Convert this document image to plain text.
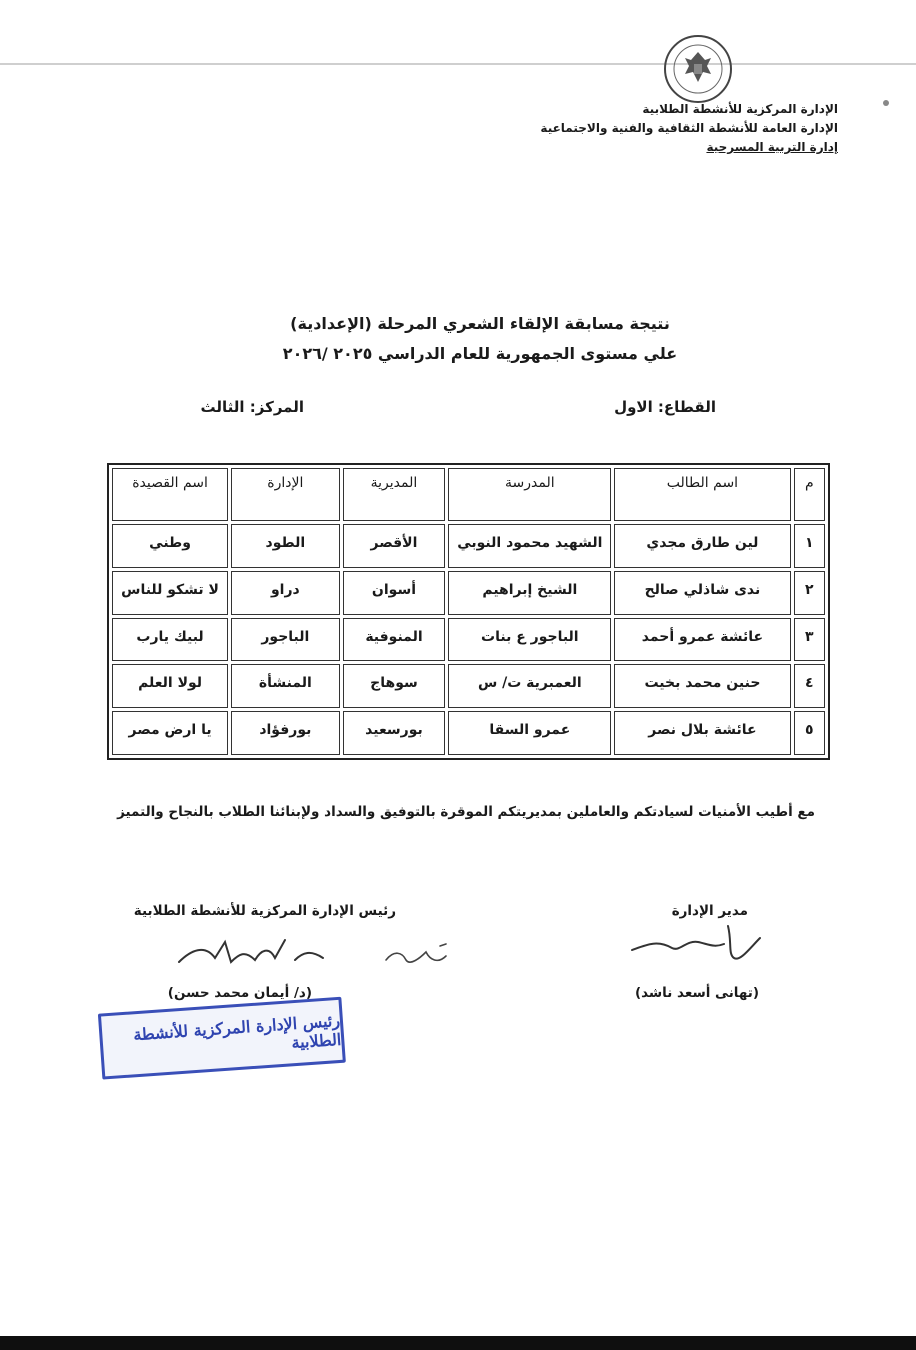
الإدارة المركزية للأنشطة الطلابية
الإدارة العامة للأنشطة الثقافية والفنية والاجتماعية
إدارة التربية المسرحية
نتيجة مسابقة الإلقاء الشعري المرحلة (الإعدادية)
علي مستوى الجمهورية للعام الدراسي ٢٠٢٥ /٢٠٢٦
القطاع: الاول
المركز: الثالث
م	اسم الطالب	المدرسة	المديرية	الإدارة	اسم القصيدة
١	لين طارق مجدي	الشهيد محمود النوبي	الأقصر	الطود	وطني
٢	ندى شاذلي صالح	الشيخ إبراهيم	أسوان	دراو	لا تشكو للناس
٣	عائشة عمرو أحمد	الباجور ع بنات	المنوفية	الباجور	لبيك يارب
٤	حنين محمد بخيت	العمبرية ت/ س	سوهاج	المنشأة	لولا العلم
٥	عائشة بلال نصر	عمرو السقا	بورسعيد	بورفؤاد	يا ارض مصر
مع أطيب الأمنيات لسيادتكم والعاملين بمديريتكم الموقرة بالتوفيق والسداد ولإبنائنا الطلاب بالنجاح والتميز
مدير الإدارة
رئيس الإدارة المركزية للأنشطة الطلابية
(تهانى أسعد ناشد)
(د/ أيمان محمد حسن)
رئيس الإدارة المركزية للأنشطة الطلابية
